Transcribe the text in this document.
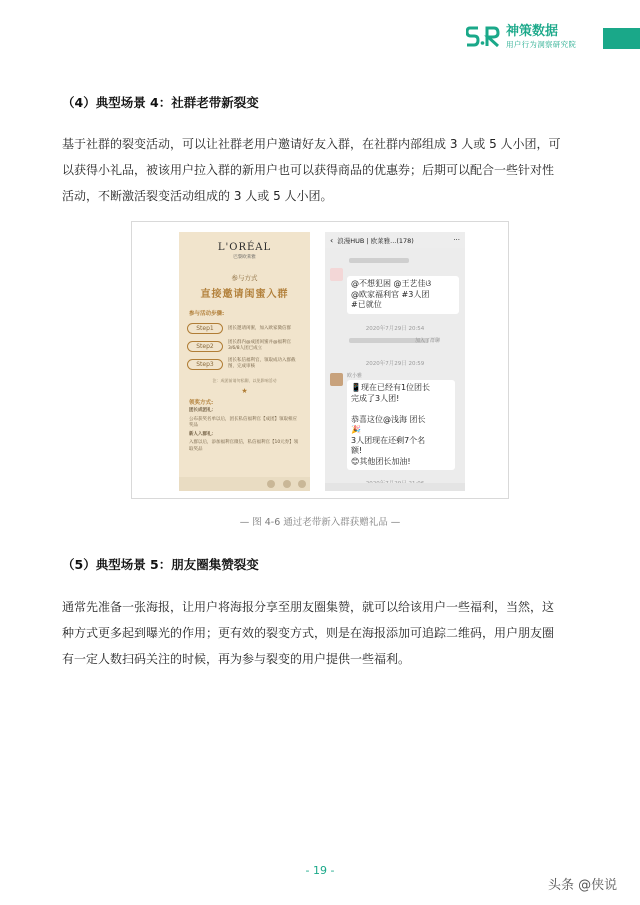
神策数据
用户行为洞察研究院
（4）典型场景 4：社群老带新裂变
基于社群的裂变活动，可以让社群老用户邀请好友入群，在社群内部组成 3 人或 5 人小团，可
以获得小礼品，被该用户拉入群的新用户也可以获得商品的优惠券；后期可以配合一些针对性
活动，不断激活裂变活动组成的 3 人或 5 人小团。
L'ORÉAL
巴黎欧莱雅
参与方式
直接邀请闺蜜入群
参与活动步骤:
Step1	团长邀请闺蜜，加入欧家微信群
Step2	团长群内@成团闺蜜并@福利官 3/6/8人团已成立
Step3	团长私信福利官，领取成功入群截图，完成审核
注：成团前请勿私聊，以免影响活动
★
领奖方式:
团长成团礼：
公布获奖名单以后，团长私信福利官【成团】领取相应奖品
新人入群礼：
入群以后，添加福利官微信，私信福利官【10元券】领取奖品
‹ 浪漫HUB | 欧莱雅...(178)	···
@不想犯困 @王艺佳ଓ
@欧家福利官 #3人团
#已就位
2020年7月29日 20:54
加入了群聊
2020年7月29日 20:59
欧小雅
📱现在已经有1位团长
完成了3人团!

恭喜这位@浅海 团长
🎉
3人团现在还剩7个名
额!
😊其他团长加油!
— 图 4-6 通过老带新入群获赠礼品 —
（5）典型场景 5：朋友圈集赞裂变
通常先准备一张海报，让用户将海报分享至朋友圈集赞，就可以给该用户一些福利，当然，这
种方式更多起到曝光的作用；更有效的裂变方式，则是在海报添加可追踪二维码，用户朋友圈
有一定人数扫码关注的时候，再为参与裂变的用户提供一些福利。
- 19 -
头条 @侠说
